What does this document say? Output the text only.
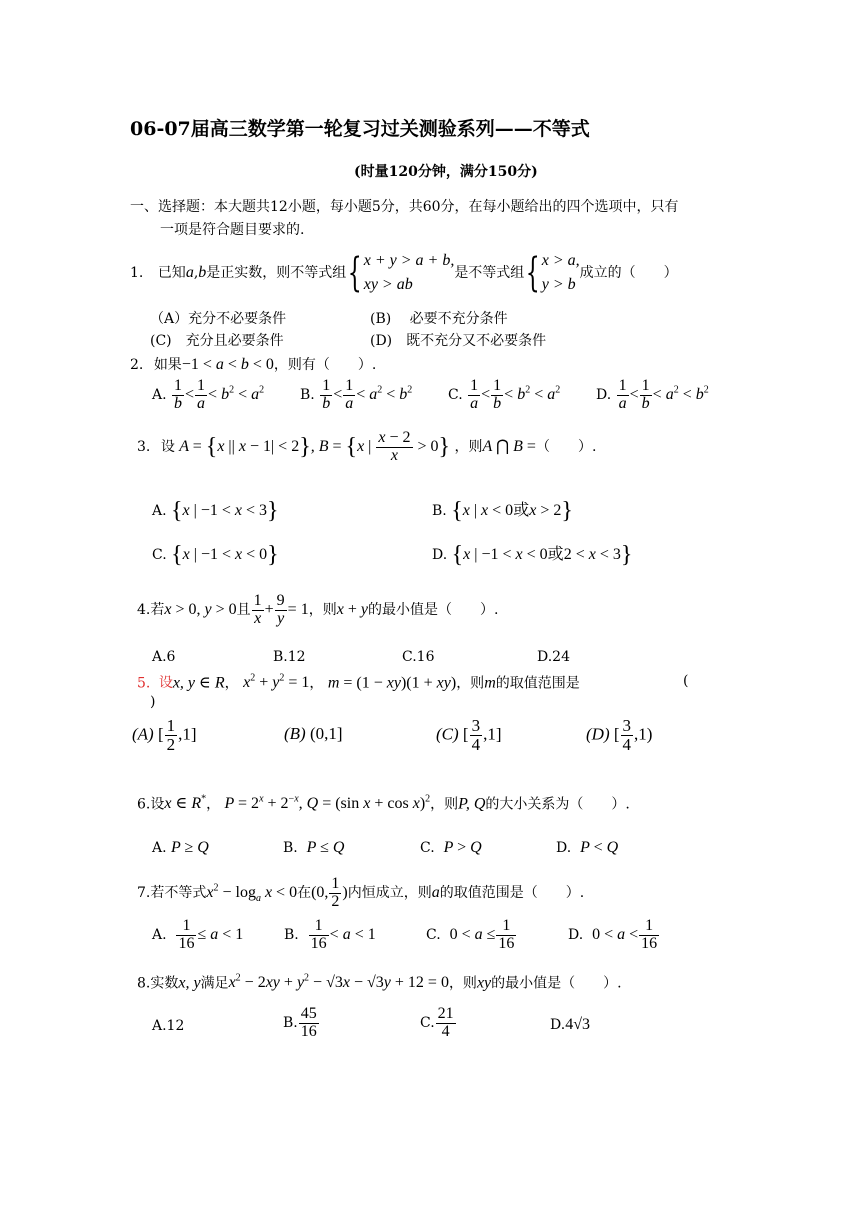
06-07届高三数学第一轮复习过关测验系列——不等式
(时量120分钟，满分150分)
一、选择题：本大题共12小题，每小题5分，共60分，在每小题给出的四个选项中，只有
一项是符合题目要求的.
1. 已知a,b是正实数，则不等式组{ x + y > a + b,
xy > ab
是不等式组{ x > a,
y > b
成立的（　　）
（A）充分不必要条件	(B)　 必要不充分条件
(C)　充分且必要条件	(D)　既不充分又不必要条件
2. 如果−1 < a < b < 0，则有（　　）.
A. $\frac{1}{b} < \frac{1}{a} < b^2 < a^2$	B. $\frac{1}{b} < \frac{1}{a} < a^2 < b^2$	C. $\frac{1}{a} < \frac{1}{b} < b^2 < a^2$	D. $\frac{1}{a} < \frac{1}{b} < a^2 < b^2$
3. 设 A = {x || x − 1| < 2}, B = {x | $\frac{x - 2}{x} > 0$} ，则A ⋂ B =（　　）.
A. {x | −1 < x < 3}	B. {x | x < 0或x > 2}
C. {x | −1 < x < 0}	D. {x | −1 < x < 0或2 < x < 3}
4.若x > 0, y > 0且 $\frac{1}{x} + \frac{9}{y} = 1$，则x + y的最小值是（　　）.
A.6	B.12	C.16	D.24
5. 设x, y ∈ R， $x^2 + y^2 = 1$， m = (1 − xy)(1 + xy)，则m的取值范围是	(
)
(A) [ $\frac{1}{2} ,1$]	(B) (0,1]	(C) [ $\frac{3}{4} ,1$]	(D) [ $\frac{3}{4} ,1$)
6.设x ∈ R*， $P = 2^x + 2^{-x}$, Q = (sin x + cos x)$^2$，则P, Q的大小关系为（　　）.
A. P ≥ Q	B. P ≤ Q	C. P > Q	D. P < Q
7.若不等式$x^2 - \log_a x < 0$在(0, $\frac{1}{2}$ )内恒成立，则a的取值范围是（　　）.
A. $\frac{1}{16} \le a < 1$	B. $\frac{1}{16} < a < 1$	C. $0 < a \le \frac{1}{16}$	D. $0 < a < \frac{1}{16}$
8.实数x, y满足$x^2 - 2xy + y^2 - √3x - √3y + 12 = 0$，则xy的最小值是（　　）.
A.12	B. $\frac{45}{16}$	C. $\frac{21}{4}$	D.4√3
